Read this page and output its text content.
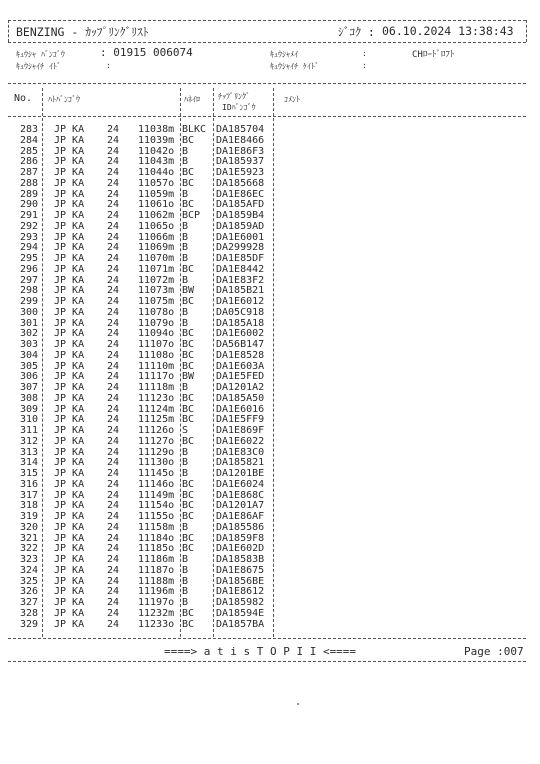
BENZING - ｶｯﾌﾟﾘﾝｸﾞﾘｽﾄ	ｼﾞｺｸ : 06.10.2024 13:38:43
ｷｭｳｼｬ ﾊﾞﾝｺﾞｳ	: 01915 006074	ｷｭｳｼｬﾒｲ	:	CHﾛｰﾄﾞﾛﾌﾄ
ｷｭｳｼｬｲﾁ ｲﾄﾞ	:	ｷｭｳｼｬｲﾁ ｹｲﾄﾞ	:
No. ﾊﾄﾊﾞﾝｺﾞｳ	ﾊﾈｲﾛ ﾁｯﾌﾟﾘﾝｸﾞ
IDﾊﾞﾝｺﾞｳ
ｺﾒﾝﾄ
283 JP KA 24 11038m BLKC DA185704
284 JP KA 24 11039m BC DA1E8466
285 JP KA 24 11042o B	DA1E86F3
286 JP KA 24 11043m B	DA185937
287 JP KA 24 11044o BC DA1E5923
288 JP KA 24 11057o BC DA185668
289 JP KA 24 11059m B	DA1E86EC
290 JP KA 24 11061o BC DA185AFD
291 JP KA 24 11062m BCP DA1859B4
292 JP KA 24 11065o B	DA1859AD
293 JP KA 24 11066m B	DA1E6001
294 JP KA 24 11069m B	DA299928
295 JP KA 24 11070m B	DA1E85DF
296 JP KA 24 11071m BC DA1E8442
297 JP KA 24 11072m B	DA1E83F2
298 JP KA 24 11073m BW DA185B21
299 JP KA 24 11075m BC DA1E6012
300 JP KA 24 11078o B	DA05C918
301 JP KA 24 11079o B	DA185A18
302 JP KA 24 11094o BC DA1E6002
303 JP KA 24 11107o BC DA56B147
304 JP KA 24 11108o BC DA1E8528
305 JP KA 24 11110m BC DA1E603A
306 JP KA 24 11117o BW DA1E5FED
307 JP KA 24 11118m B	DA1201A2
308 JP KA 24 11123o BC DA185A50
309 JP KA 24 11124m BC DA1E6016
310 JP KA 24 11125m BC DA1E5FF9
311 JP KA 24 11126o S	DA1E869F
312 JP KA 24 11127o BC DA1E6022
313 JP KA 24 11129o B	DA1E83C0
314 JP KA 24 11130o B	DA185821
315 JP KA 24 11145o B	DA1201BE
316 JP KA 24 11146o BC DA1E6024
317 JP KA 24 11149m BC DA1E868C
318 JP KA 24 11154o BC DA1201A7
319 JP KA 24 11155o BC DA1E86AF
320 JP KA 24 11158m B	DA185586
321 JP KA 24 11184o BC DA1859F8
322 JP KA 24 11185o BC DA1E602D
323 JP KA 24 11186m B	DA18583B
324 JP KA 24 11187o B	DA1E8675
325 JP KA 24 11188m B	DA1856BE
326 JP KA 24 11196m B	DA1E8612
327 JP KA 24 11197o B	DA185982
328 JP KA 24 11232m BC DA18594E
329 JP KA 24 11233o BC DA1857BA
====> a t i s T O P I I <====	Page :007
